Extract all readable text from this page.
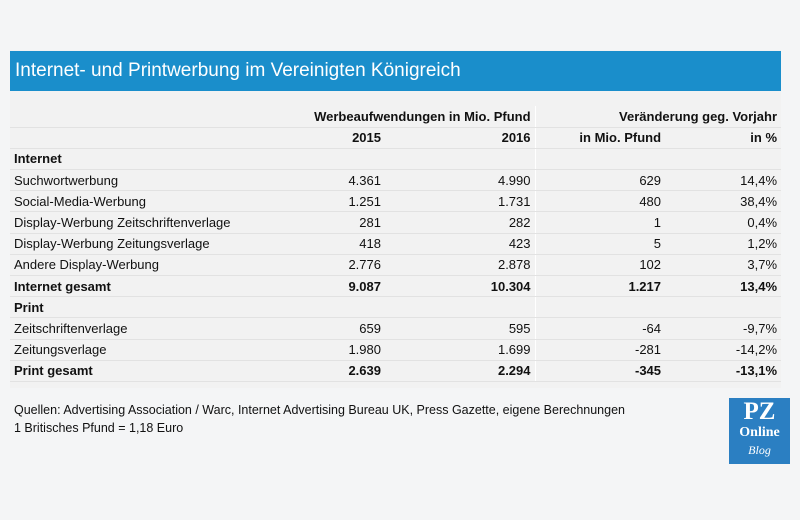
Internet- und Printwerbung im Vereinigten Königreich
	Werbeaufwendungen in Mio. Pfund		Veränderung geg. Vorjahr	
	2015	2016	in Mio. Pfund	in %
Internet				
Suchwortwerbung	4.361	4.990	629	14,4%
Social-Media-Werbung	1.251	1.731	480	38,4%
Display-Werbung Zeitschriftenverlage	281	282	1	0,4%
Display-Werbung Zeitungsverlage	418	423	5	1,2%
Andere Display-Werbung	2.776	2.878	102	3,7%
Internet gesamt	9.087	10.304	1.217	13,4%
Print				
Zeitschriftenverlage	659	595	-64	-9,7%
Zeitungsverlage	1.980	1.699	-281	-14,2%
Print gesamt	2.639	2.294	-345	-13,1%
Quellen: Advertising Association / Warc, Internet Advertising Bureau UK, Press Gazette, eigene Berechnungen
1 Britisches Pfund = 1,18 Euro
PZ
Online
Blog
